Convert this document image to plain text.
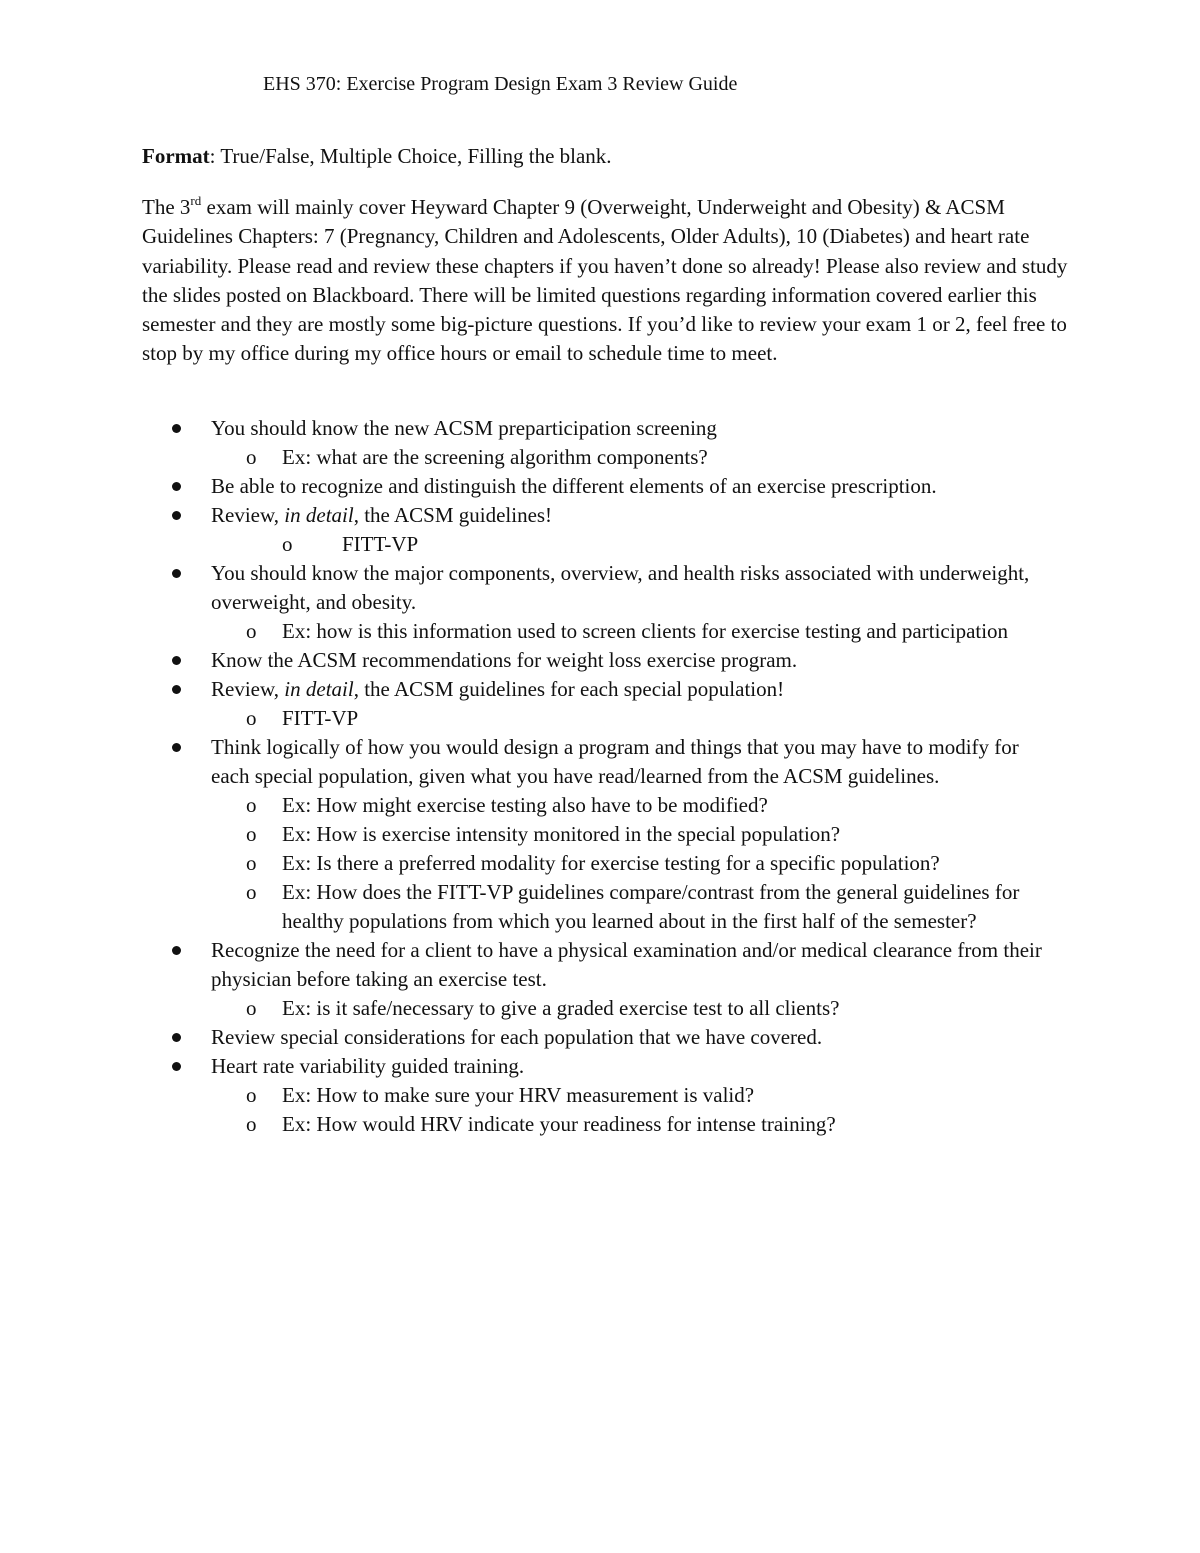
EHS 370: Exercise Program Design Exam 3 Review Guide

Format: True/False, Multiple Choice, Filling the blank.

The 3rd exam will mainly cover Heyward Chapter 9 (Overweight, Underweight and Obesity) & ACSM Guidelines Chapters: 7 (Pregnancy, Children and Adolescents, Older Adults), 10 (Diabetes) and heart rate variability. Please read and review these chapters if you haven’t done so already! Please also review and study the slides posted on Blackboard. There will be limited questions regarding information covered earlier this semester and they are mostly some big-picture questions. If you’d like to review your exam 1 or 2, feel free to stop by my office during my office hours or email to schedule time to meet.

You should know the new ACSM preparticipation screening
o Ex: what are the screening algorithm components?
Be able to recognize and distinguish the different elements of an exercise prescription.
Review, in detail, the ACSM guidelines!
o FITT-VP
You should know the major components, overview, and health risks associated with underweight, overweight, and obesity.
o Ex: how is this information used to screen clients for exercise testing and participation
Know the ACSM recommendations for weight loss exercise program.
Review, in detail, the ACSM guidelines for each special population!
o FITT-VP
Think logically of how you would design a program and things that you may have to modify for each special population, given what you have read/learned from the ACSM guidelines.
o Ex: How might exercise testing also have to be modified?
o Ex: How is exercise intensity monitored in the special population?
o Ex: Is there a preferred modality for exercise testing for a specific population?
o Ex: How does the FITT-VP guidelines compare/contrast from the general guidelines for healthy populations from which you learned about in the first half of the semester?
Recognize the need for a client to have a physical examination and/or medical clearance from their physician before taking an exercise test.
o Ex: is it safe/necessary to give a graded exercise test to all clients?
Review special considerations for each population that we have covered.
Heart rate variability guided training.
o Ex: How to make sure your HRV measurement is valid?
o Ex: How would HRV indicate your readiness for intense training?
